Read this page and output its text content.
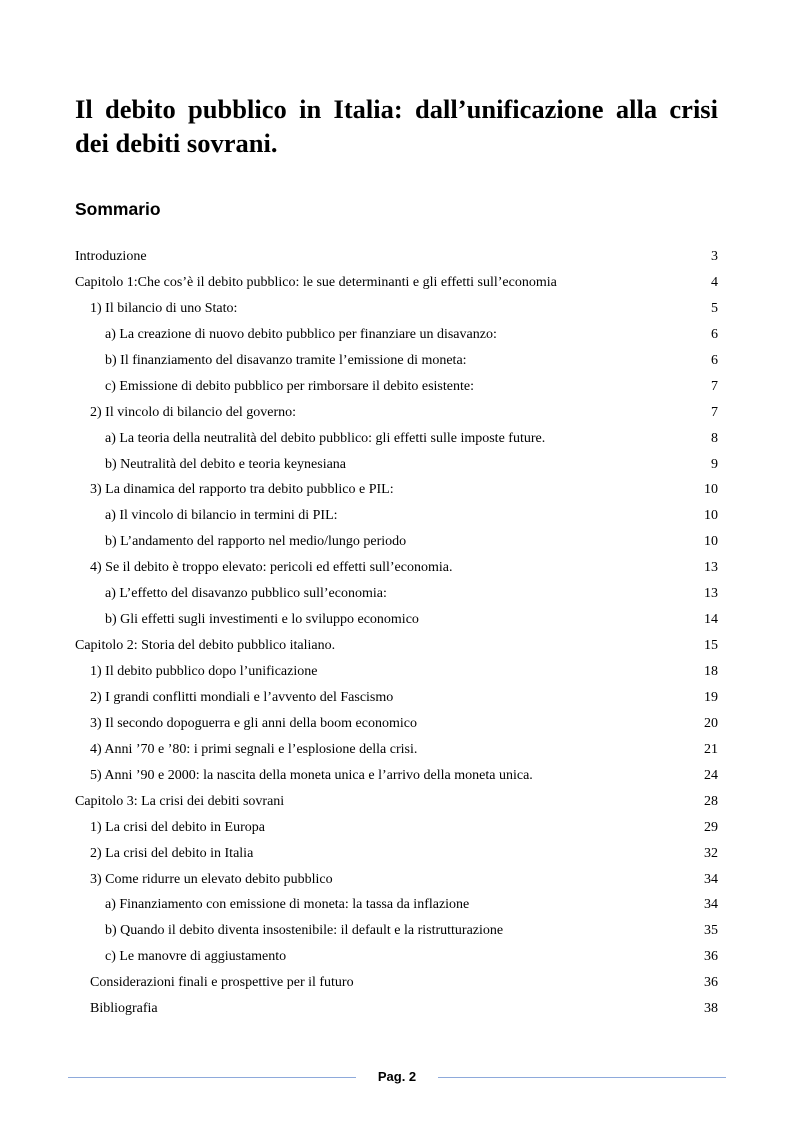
Il debito pubblico in Italia: dall’unificazione alla crisi dei debiti sovrani.
Sommario
Introduzione	3
Capitolo 1:Che cos’è il debito pubblico: le sue determinanti e gli effetti sull’economia	4
1) Il bilancio di uno Stato:	5
a) La creazione di nuovo debito pubblico per finanziare un disavanzo:	6
b) Il finanziamento del disavanzo tramite l’emissione di moneta:	6
c) Emissione di debito pubblico per rimborsare il debito esistente:	7
2) Il vincolo di bilancio del governo:	7
a) La teoria della neutralità del debito pubblico: gli effetti sulle imposte future.	8
b) Neutralità del debito e teoria keynesiana	9
3) La dinamica del rapporto tra debito pubblico e PIL:	10
a) Il vincolo di bilancio in termini di PIL:	10
b) L’andamento del rapporto nel medio/lungo periodo	10
4) Se il debito è troppo elevato: pericoli ed effetti sull’economia.	13
a) L’effetto del disavanzo pubblico sull’economia:	13
b) Gli effetti sugli investimenti e lo sviluppo economico	14
Capitolo 2: Storia del debito pubblico italiano.	15
1) Il debito pubblico dopo l’unificazione	18
2) I grandi conflitti mondiali e l’avvento del Fascismo	19
3) Il secondo dopoguerra e gli anni della boom economico	20
4) Anni ’70 e ’80: i primi segnali e l’esplosione della crisi.	21
5) Anni ’90 e 2000: la nascita della moneta unica e l’arrivo della moneta unica.	24
Capitolo 3: La crisi dei debiti sovrani	28
1) La crisi del debito in Europa	29
2) La crisi del debito in Italia	32
3) Come ridurre un elevato debito pubblico	34
a) Finanziamento con emissione di moneta: la tassa da inflazione	34
b) Quando il debito diventa insostenibile: il default e la ristrutturazione	35
c) Le manovre di aggiustamento	36
Considerazioni finali e prospettive per il futuro	36
Bibliografia	38
Pag. 2
